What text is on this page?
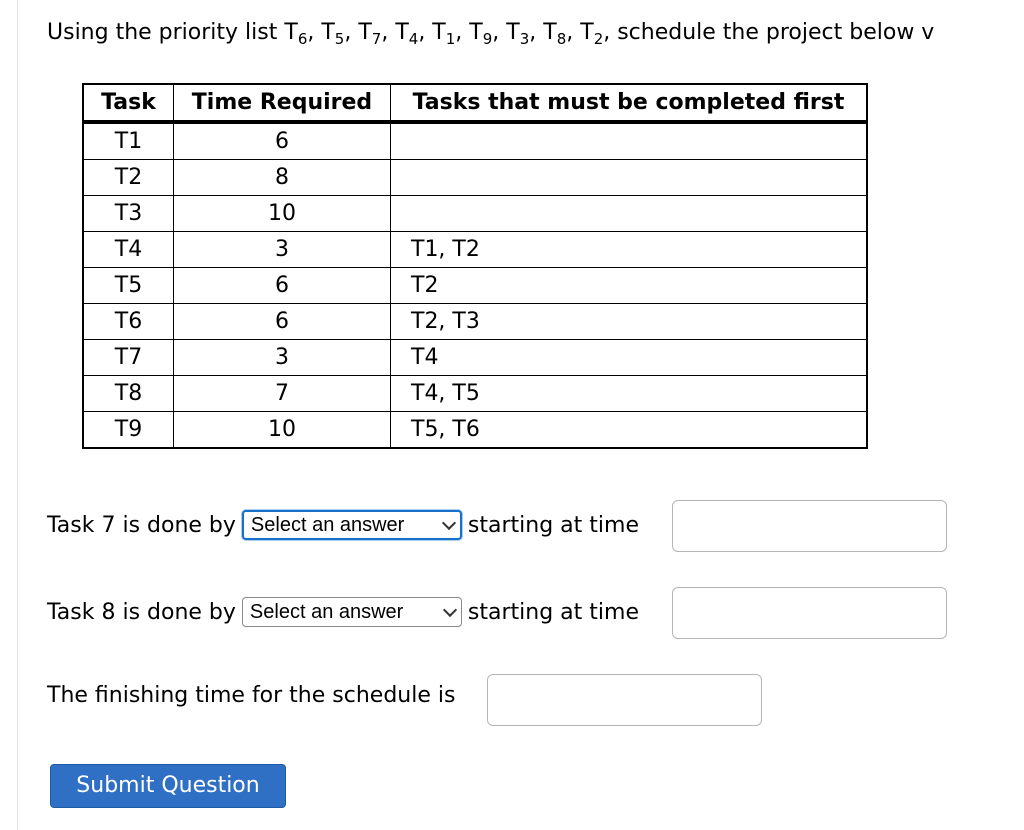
Using the priority list $T_6$, $T_5$, $T_7$, $T_4$, $T_1$, $T_9$, $T_3$, $T_8$, $T_2$, schedule the project below v
Task	Time Required	Tasks that must be completed first
T1	6	
T2	8	
T3	10	
T4	3	T1, T2
T5	6	T2
T6	6	T2, T3
T7	3	T4
T8	7	T4, T5
T9	10	T5, T6
Task 7 is done by Select an answer	starting at time
Task 8 is done by Select an answer	starting at time
The finishing time for the schedule is
Submit Question
